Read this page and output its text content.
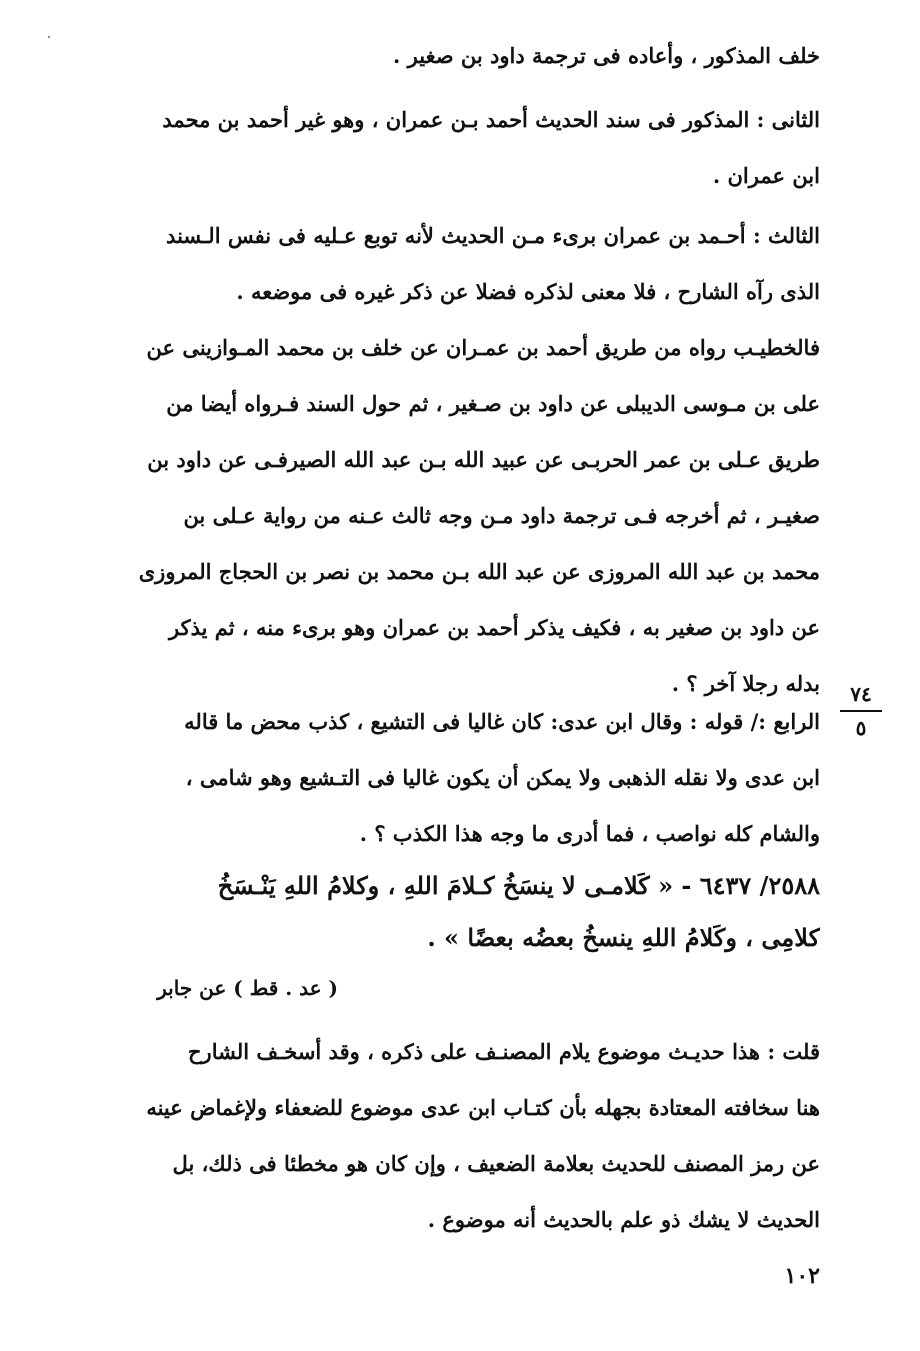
خلف المذكور ، وأعاده فى ترجمة داود بن صغير .
الثانى : المذكور فى سند الحديث أحمد بـن عمران ، وهو غير أحمد بن محمد
ابن عمران .
الثالث : أحـمد بن عمران برىء مـن الحديث لأنه توبع عـليه فى نفس الـسند
الذى رآه الشارح ، فلا معنى لذكره فضلا عن ذكر غيره فى موضعه .
فالخطيـب رواه من طريق أحمد بن عمـران عن خلف بن محمد المـوازينى عن
على بن مـوسى الديبلى عن داود بن صـغير ، ثم حول السند فـرواه أيضا من
طريق عـلى بن عمر الحربـى عن عبيد الله بـن عبد الله الصيرفـى عن داود بن
صغيـر ، ثم أخرجه فـى ترجمة داود مـن وجه ثالث عـنه من رواية عـلى بن
محمد بن عبد الله المروزى عن عبد الله بـن محمد بن نصر بن الحجاج المروزى
عن داود بن صغير به ، فكيف يذكر أحمد بن عمران وهو برىء منه ، ثم يذكر
بدله رجلا آخر ؟ .	٧٤
٥
الرابع :/ قوله : وقال ابن عدى: كان غاليا فى التشيع ، كذب محض ما قاله
ابن عدى ولا نقله الذهبى ولا يمكن أن يكون غاليا فى التـشيع وهو شامى ،
والشام كله نواصب ، فما أدرى ما وجه هذا الكذب ؟ .
٢٥٨٨/ ٦٤٣٧ - « كَلامـى لا ينسَخُ كـلامَ اللهِ ، وكلامُ اللهِ يَنْـسَخُ
كلامِى ، وكَلامُ اللهِ ينسخُ بعضُه بعضًا » .
( عد . قط ) عن جابر
قلت : هذا حديـث موضوع يلام المصنـف على ذكره ، وقد أسخـف الشارح
هنا سخافته المعتادة بجهله بأن كتـاب ابن عدى موضوع للضعفاء ولإغماض عينه
عن رمز المصنف للحديث بعلامة الضعيف ، وإن كان هو مخطئا فى ذلك، بل
الحديث لا يشك ذو علم بالحديث أنه موضوع .
١٠٢
